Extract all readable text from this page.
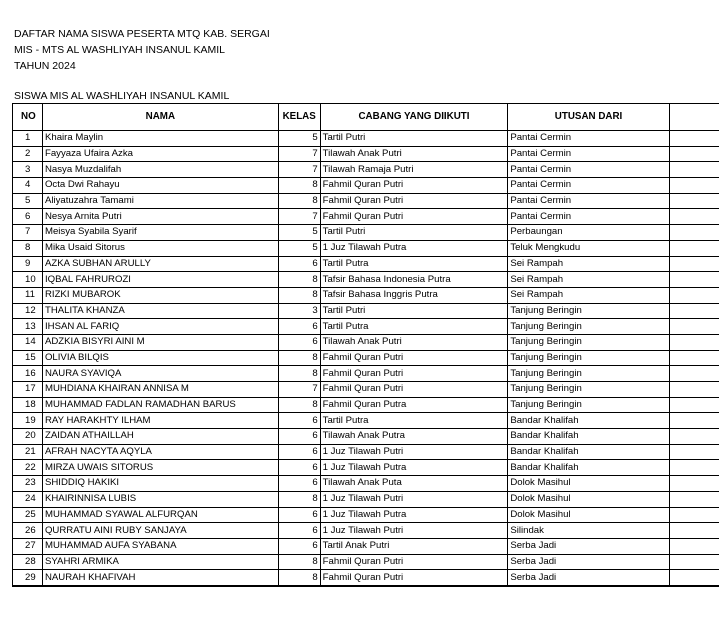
DAFTAR NAMA SISWA PESERTA MTQ KAB. SERGAI
MIS - MTS AL WASHLIYAH INSANUL KAMIL
TAHUN 2024
SISWA MIS AL WASHLIYAH INSANUL KAMIL
NO	NAMA	KELAS	CABANG YANG DIIKUTI	UTUSAN DARI	
1	Khaira Maylin	5	Tartil Putri	Pantai Cermin	
2	Fayyaza Ufaira Azka	7	Tilawah Anak Putri	Pantai Cermin	
3	Nasya Muzdalifah	7	Tilawah Ramaja Putri	Pantai Cermin	
4	Octa Dwi Rahayu	8	Fahmil Quran Putri	Pantai Cermin	
5	Aliyatuzahra Tamami	8	Fahmil Quran Putri	Pantai Cermin	
6	Nesya Arnita Putri	7	Fahmil Quran Putri	Pantai Cermin	
7	Meisya Syabila Syarif	5	Tartil Putri	Perbaungan	
8	Mika Usaid Sitorus	5	1 Juz Tilawah Putra	Teluk Mengkudu	
9	AZKA SUBHAN ARULLY	6	Tartil Putra	Sei Rampah	
10	IQBAL FAHRUROZI	8	Tafsir Bahasa Indonesia Putra	Sei Rampah	
11	RIZKI MUBAROK	8	Tafsir Bahasa Inggris Putra	Sei Rampah	
12	THALITA KHANZA	3	Tartil Putri	Tanjung Beringin	
13	IHSAN AL FARIQ	6	Tartil Putra	Tanjung Beringin	
14	ADZKIA BISYRI AINI M	6	Tilawah Anak Putri	Tanjung Beringin	
15	OLIVIA BILQIS	8	Fahmil Quran Putri	Tanjung Beringin	
16	NAURA SYAVIQA	8	Fahmil Quran Putri	Tanjung Beringin	
17	MUHDIANA KHAIRAN ANNISA M	7	Fahmil Quran Putri	Tanjung Beringin	
18	MUHAMMAD FADLAN RAMADHAN BARUS	8	Fahmil Quran Putra	Tanjung Beringin	
19	RAY HARAKHTY ILHAM	6	Tartil Putra	Bandar Khalifah	
20	ZAIDAN ATHAILLAH	6	Tilawah Anak Putra	Bandar Khalifah	
21	AFRAH NACYTA AQYLA	6	1 Juz Tilawah Putri	Bandar Khalifah	
22	MIRZA UWAIS SITORUS	6	1 Juz Tilawah Putra	Bandar Khalifah	
23	SHIDDIQ HAKIKI	6	Tilawah Anak Puta	Dolok Masihul	
24	KHAIRINNISA LUBIS	8	1 Juz Tilawah Putri	Dolok Masihul	
25	MUHAMMAD SYAWAL ALFURQAN	6	1 Juz Tilawah Putra	Dolok Masihul	
26	QURRATU AINI RUBY SANJAYA	6	1 Juz Tilawah Putri	Silindak	
27	MUHAMMAD AUFA SYABANA	6	Tartil Anak Putri	Serba Jadi	
28	SYAHRI ARMIKA	8	Fahmil Quran Putri	Serba Jadi	
29	NAURAH KHAFIVAH	8	Fahmil Quran Putri	Serba Jadi	
